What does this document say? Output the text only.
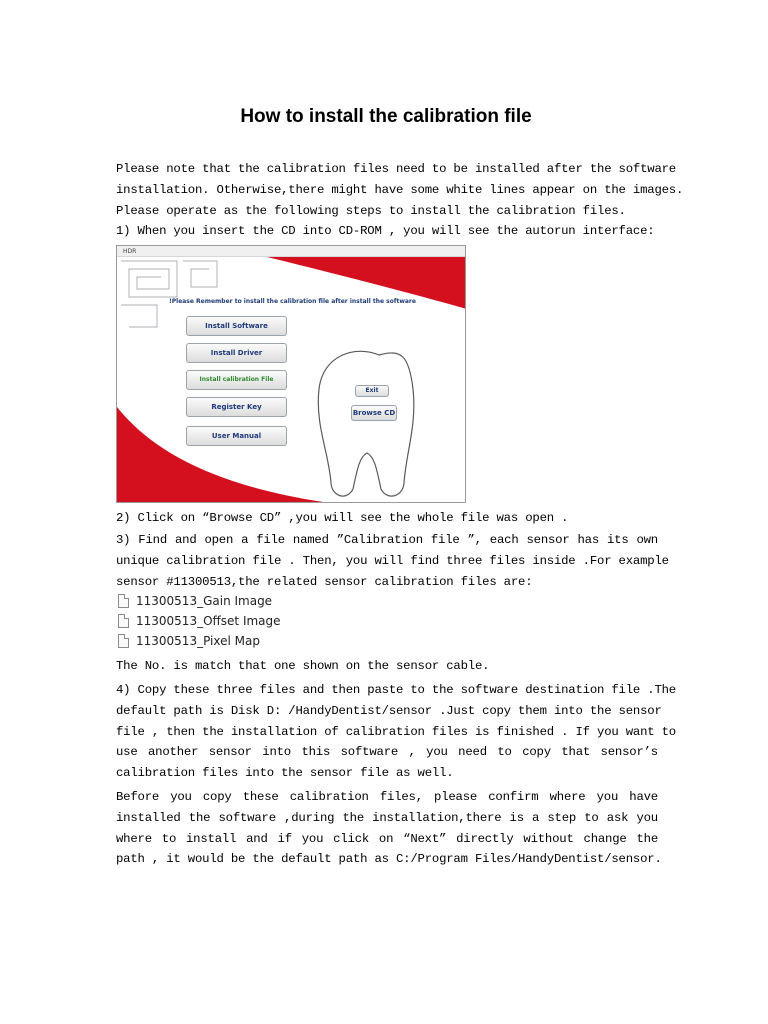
How to install the calibration file
Please note that the calibration files need to be installed after the software
installation. Otherwise,there might have some white lines appear on the images.
Please operate as the following steps to install the calibration files.
1) When you insert the CD into CD-ROM , you will see the autorun interface:
HDR
!Please Remember to install the calibration file after install the software
Install Software
Install Driver
Install calibration File
Register Key
User Manual
Exit
Browse CD
2) Click on “Browse CD” ,you will see the whole file was open .
3) Find and open a file named ”Calibration file ”, each sensor has its own
unique calibration file . Then, you will find three files inside .For example
sensor #11300513,the related sensor calibration files are:
11300513_Gain Image
11300513_Offset Image
11300513_Pixel Map
The No. is match that one shown on the sensor cable.
4) Copy these three files and then paste to the software destination file .The
default path is Disk D: /HandyDentist/sensor .Just copy them into the sensor
file , then the installation of calibration files is finished . If you want to
use another sensor into this software , you need to copy that sensor’s
calibration files into the sensor file as well.
Before you copy these calibration files, please confirm where you have
installed the software ,during the installation,there is a step to ask you
where to install and if you click on “Next” directly without change the
path , it would be the default path as C:/Program Files/HandyDentist/sensor.
